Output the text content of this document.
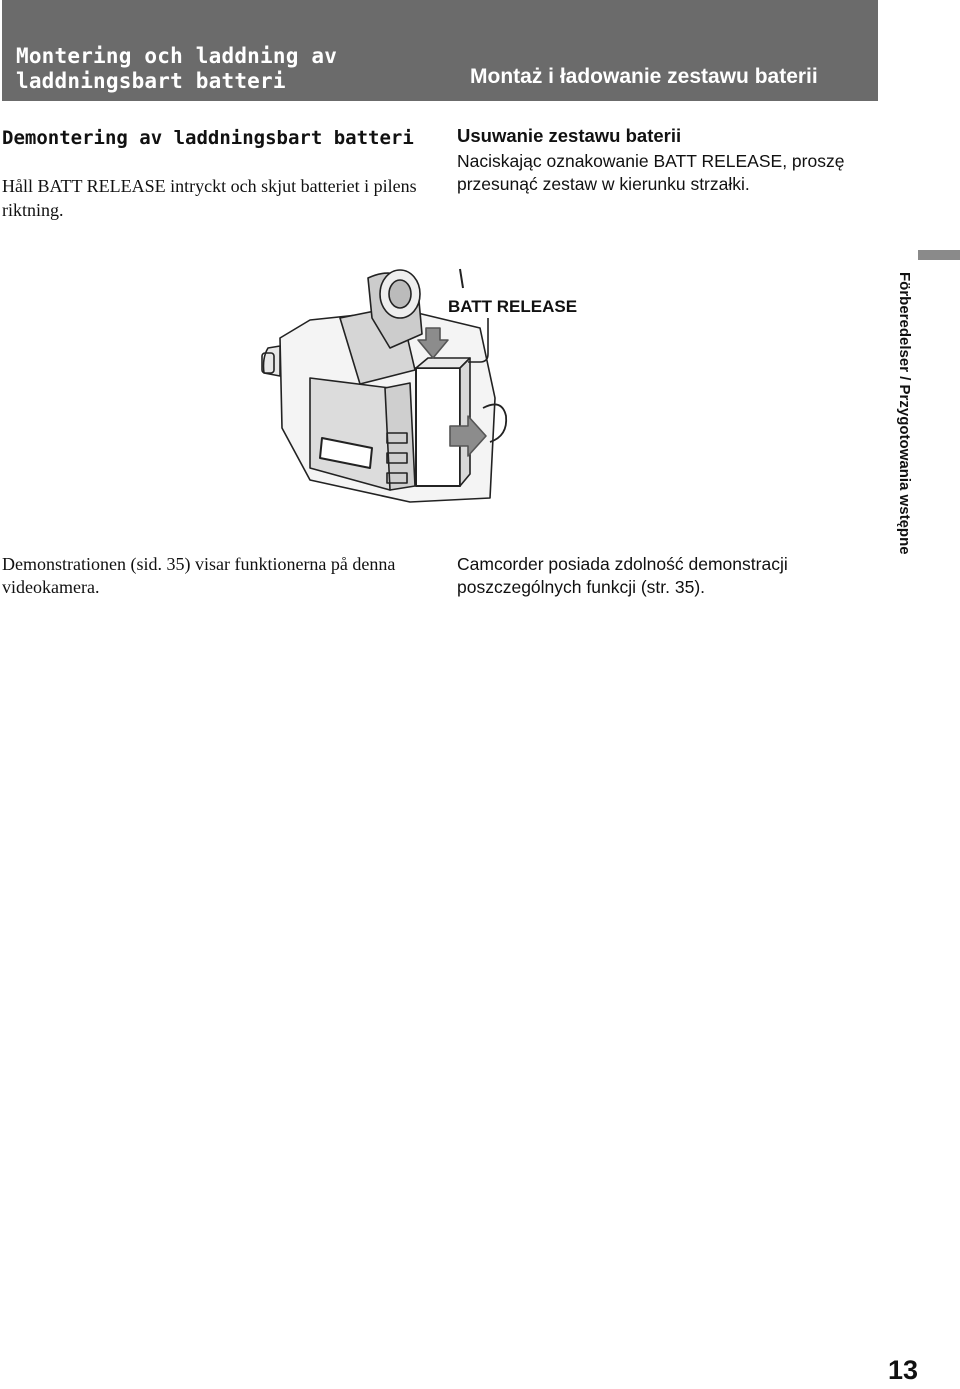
Montering och laddning av laddningsbart batteri	Montaż i ładowanie zestawu baterii
Demontering av laddningsbart batteri
Håll BATT RELEASE intryckt och skjut batteriet i pilens riktning.
Usuwanie zestawu baterii
Naciskając oznakowanie BATT RELEASE, proszę przesunąć zestaw w kierunku strzałki.
BATT RELEASE
Demonstrationen (sid. 35) visar funktionerna på denna videokamera.
Camcorder posiada zdolność demonstracji poszczególnych funkcji (str. 35).
Förberedelser / Przygotowania wstępne
13
